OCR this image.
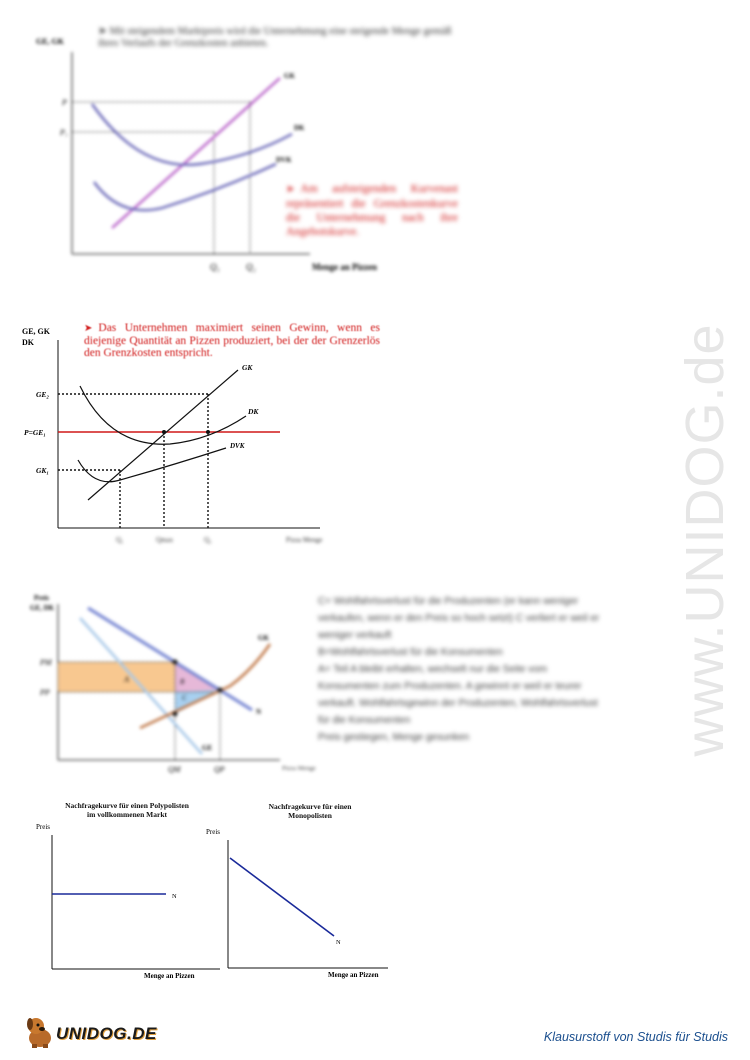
www.UNIDOG.de
➤ Mit steigendem Marktpreis wird die Unternehmung eine steigende Menge gemäß ihres Verlaufs der Grenzkosten anbieten.
GE, GK
P
P₁
GK
DK
DVK
Q₁	Q₂	Menge an Pizzen
➤ Am aufsteigenden Kurvenast repräsentiert die Grenzkostenkurve die Unternehmung nach ihre Angebotskurve.
➤ Das Unternehmen maximiert seinen Gewinn, wenn es diejenige Quantität an Pizzen produziert, bei der der Grenzerlös den Grenzkosten entspricht.
GE, GK
DK
GE₂
P=GE₁
GK₁
GK
DK
DVK
Q₁	Qmax	Q₂	Pizza Menge
Preis
GE, DK
PM
PP
A	B
C
GK
N
GE
QM	QP	Pizza Menge
C= Wohlfahrtsverlust für die Produzenten (er kann weniger
verkaufen, wenn er den Preis so hoch setzt) C verliert er weil er
weniger verkauft
B=Wohlfahrtsverlust für die Konsumenten
A= Teil A bleibt erhalten, wechselt nur die Seite vom
Konsumenten zum Produzenten. A gewinnt er weil er teurer
verkauft. Wohlfahrtsgewinn der Produzenten, Wohlfahrtsverlust
für die Konsumenten
Preis gestiegen, Menge gesunken
Nachfragekurve für einen Polypolisten im vollkommenen Markt
Preis
N
Menge an Pizzen
Nachfragekurve für einen Monopolisten
Preis
N
Menge an Pizzen
UNIDOG.DE	Klausurstoff von Studis für Studis
